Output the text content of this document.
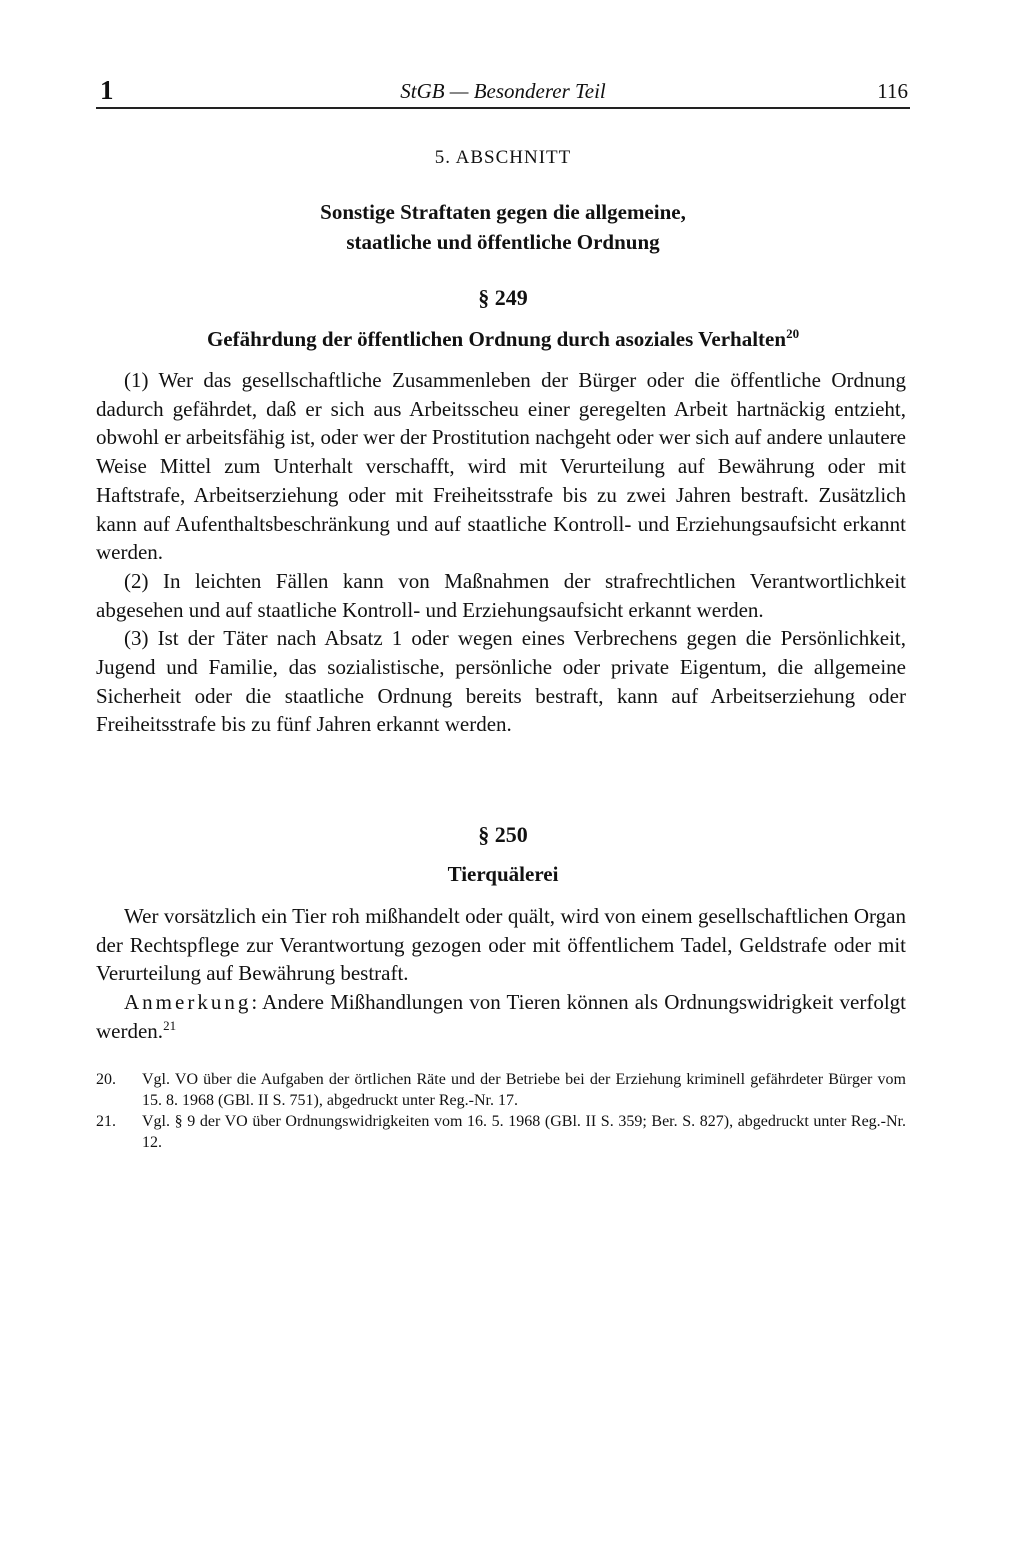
1	StGB — Besonderer Teil	116
5. ABSCHNITT
Sonstige Straftaten gegen die allgemeine,
staatliche und öffentliche Ordnung
§ 249
Gefährdung der öffentlichen Ordnung durch asoziales Verhalten$^{20}$

(1) Wer das gesellschaftliche Zusammenleben der Bürger oder die öffentliche Ordnung dadurch gefährdet, daß er sich aus Arbeitsscheu einer geregelten Arbeit hartnäckig entzieht, obwohl er arbeitsfähig ist, oder wer der Prostitution nachgeht oder wer sich auf andere unlautere Weise Mittel zum Unterhalt verschafft, wird mit Verurteilung auf Bewährung oder mit Haftstrafe, Arbeitserziehung oder mit Freiheitsstrafe bis zu zwei Jahren bestraft. Zusätzlich kann auf Aufenthaltsbeschränkung und auf staatliche Kontroll- und Erziehungsaufsicht erkannt werden.

(2) In leichten Fällen kann von Maßnahmen der strafrechtlichen Verantwortlichkeit abgesehen und auf staatliche Kontroll- und Erziehungsaufsicht erkannt werden.

(3) Ist der Täter nach Absatz 1 oder wegen eines Verbrechens gegen die Persönlichkeit, Jugend und Familie, das sozialistische, persönliche oder private Eigentum, die allgemeine Sicherheit oder die staatliche Ordnung bereits bestraft, kann auf Arbeitserziehung oder Freiheitsstrafe bis zu fünf Jahren erkannt werden.

§ 250
Tierquälerei

Wer vorsätzlich ein Tier roh mißhandelt oder quält, wird von einem gesellschaftlichen Organ der Rechtspflege zur Verantwortung gezogen oder mit öffentlichem Tadel, Geldstrafe oder mit Verurteilung auf Bewährung bestraft.

Anmerkung: Andere Mißhandlungen von Tieren können als Ordnungswidrigkeit verfolgt werden.$^{21}$

20. Vgl. VO über die Aufgaben der örtlichen Räte und der Betriebe bei der Erziehung kriminell gefährdeter Bürger vom 15. 8. 1968 (GBl. II S. 751), abgedruckt unter Reg.-Nr. 17.
21. Vgl. § 9 der VO über Ordnungswidrigkeiten vom 16. 5. 1968 (GBl. II S. 359; Ber. S. 827), abgedruckt unter Reg.-Nr. 12.
